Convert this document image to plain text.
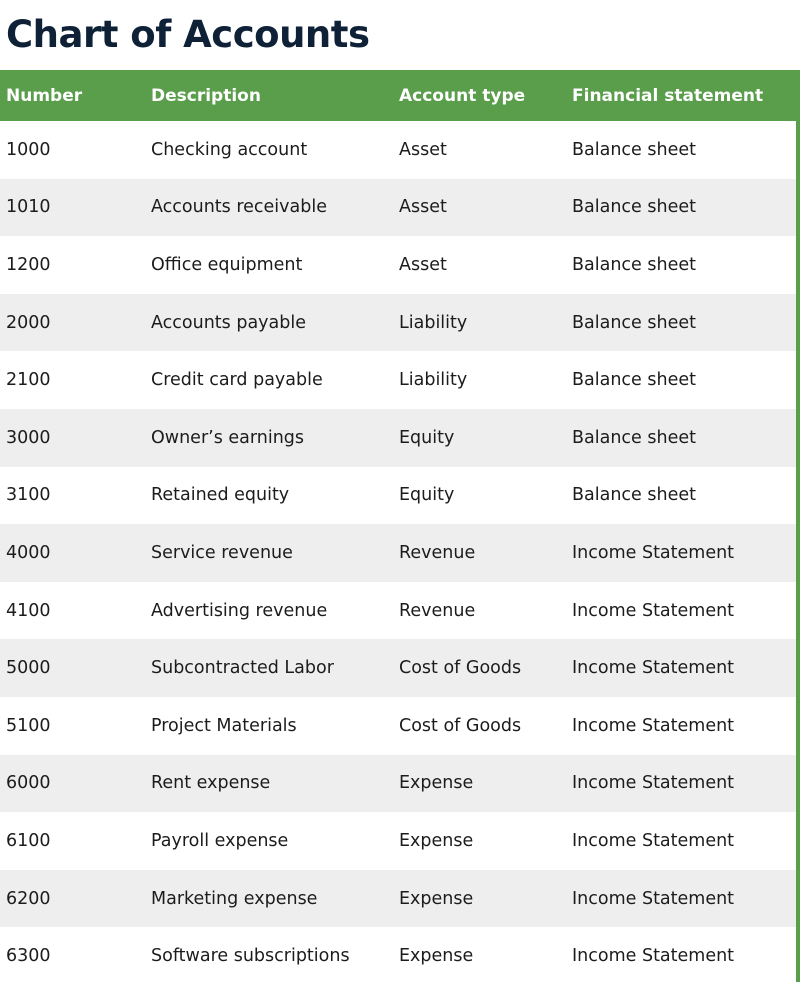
Chart of Accounts
Number	Description	Account type	Financial statement
1000	Checking account	Asset	Balance sheet
1010	Accounts receivable	Asset	Balance sheet
1200	Office equipment	Asset	Balance sheet
2000	Accounts payable	Liability	Balance sheet
2100	Credit card payable	Liability	Balance sheet
3000	Owner’s earnings	Equity	Balance sheet
3100	Retained equity	Equity	Balance sheet
4000	Service revenue	Revenue	Income Statement
4100	Advertising revenue	Revenue	Income Statement
5000	Subcontracted Labor	Cost of Goods	Income Statement
5100	Project Materials	Cost of Goods	Income Statement
6000	Rent expense	Expense	Income Statement
6100	Payroll expense	Expense	Income Statement
6200	Marketing expense	Expense	Income Statement
6300	Software subscriptions	Expense	Income Statement
